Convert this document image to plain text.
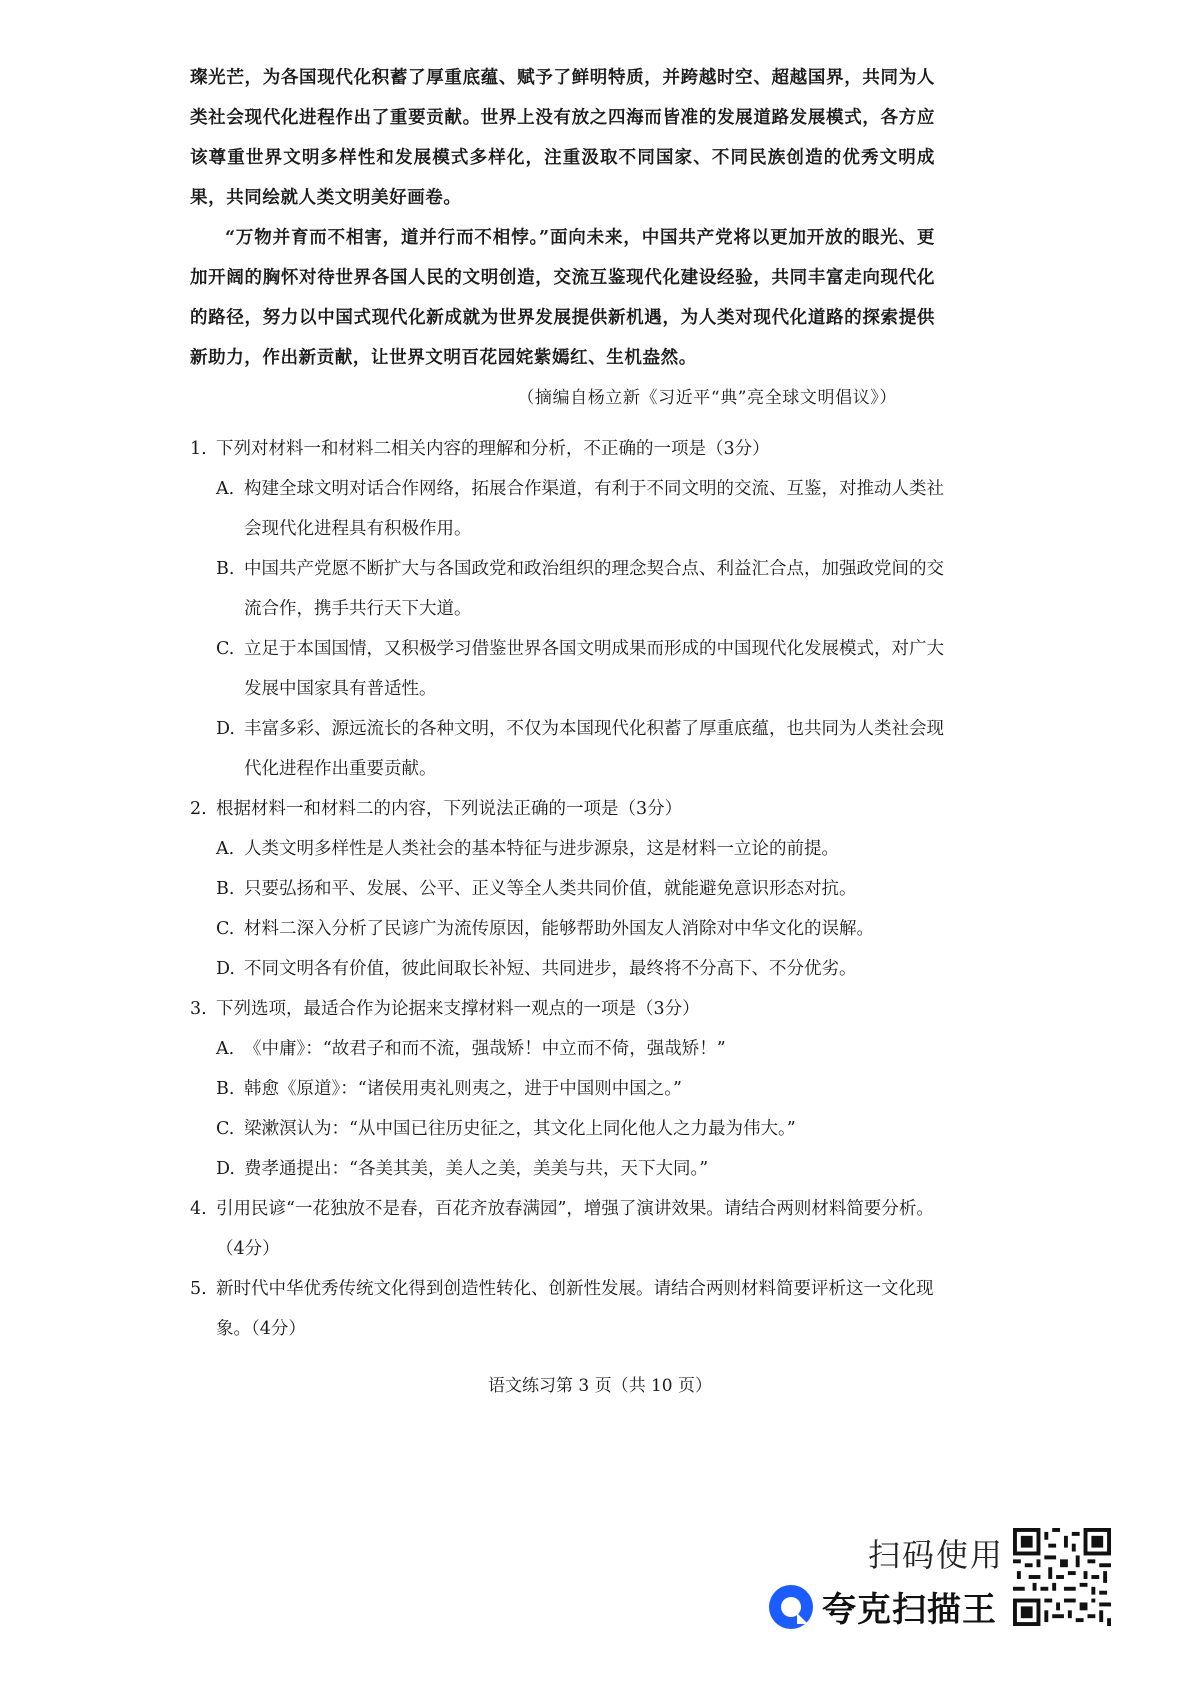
璨光芒，为各国现代化积蓄了厚重底蕴、赋予了鲜明特质，并跨越时空、超越国界，共同为人类社会现代化进程作出了重要贡献。世界上没有放之四海而皆准的发展道路发展模式，各方应该尊重世界文明多样性和发展模式多样化，注重汲取不同国家、不同民族创造的优秀文明成果，共同绘就人类文明美好画卷。

“万物并育而不相害，道并行而不相悖。”面向未来，中国共产党将以更加开放的眼光、更加开阔的胸怀对待世界各国人民的文明创造，交流互鉴现代化建设经验，共同丰富走向现代化的路径，努力以中国式现代化新成就为世界发展提供新机遇，为人类对现代化道路的探索提供新助力，作出新贡献，让世界文明百花园姹紫嫣红、生机盎然。

（摘编自杨立新《习近平“典”亮全球文明倡议》）

1. 下列对材料一和材料二相关内容的理解和分析，不正确的一项是（3分）
A. 构建全球文明对话合作网络，拓展合作渠道，有利于不同文明的交流、互鉴，对推动人类社会现代化进程具有积极作用。
B. 中国共产党愿不断扩大与各国政党和政治组织的理念契合点、利益汇合点，加强政党间的交流合作，携手共行天下大道。
C. 立足于本国国情，又积极学习借鉴世界各国文明成果而形成的中国现代化发展模式，对广大发展中国家具有普适性。
D. 丰富多彩、源远流长的各种文明，不仅为本国现代化积蓄了厚重底蕴，也共同为人类社会现代化进程作出重要贡献。
2. 根据材料一和材料二的内容，下列说法正确的一项是（3分）
A. 人类文明多样性是人类社会的基本特征与进步源泉，这是材料一立论的前提。
B. 只要弘扬和平、发展、公平、正义等全人类共同价值，就能避免意识形态对抗。
C. 材料二深入分析了民谚广为流传原因，能够帮助外国友人消除对中华文化的误解。
D. 不同文明各有价值，彼此间取长补短、共同进步，最终将不分高下、不分优劣。
3. 下列选项，最适合作为论据来支撑材料一观点的一项是（3分）
A. 《中庸》：“故君子和而不流，强哉矫！中立而不倚，强哉矫！”
B. 韩愈《原道》：“诸侯用夷礼则夷之，进于中国则中国之。”
C. 梁漱溟认为：“从中国已往历史征之，其文化上同化他人之力最为伟大。”
D. 费孝通提出：“各美其美，美人之美，美美与共，天下大同。”
4. 引用民谚“一花独放不是春，百花齐放春满园”，增强了演讲效果。请结合两则材料简要分析。（4分）
5. 新时代中华优秀传统文化得到创造性转化、创新性发展。请结合两则材料简要评析这一文化现象。（4分）
语文练习第 3 页（共 10 页）
扫码使用
夸克扫描王
